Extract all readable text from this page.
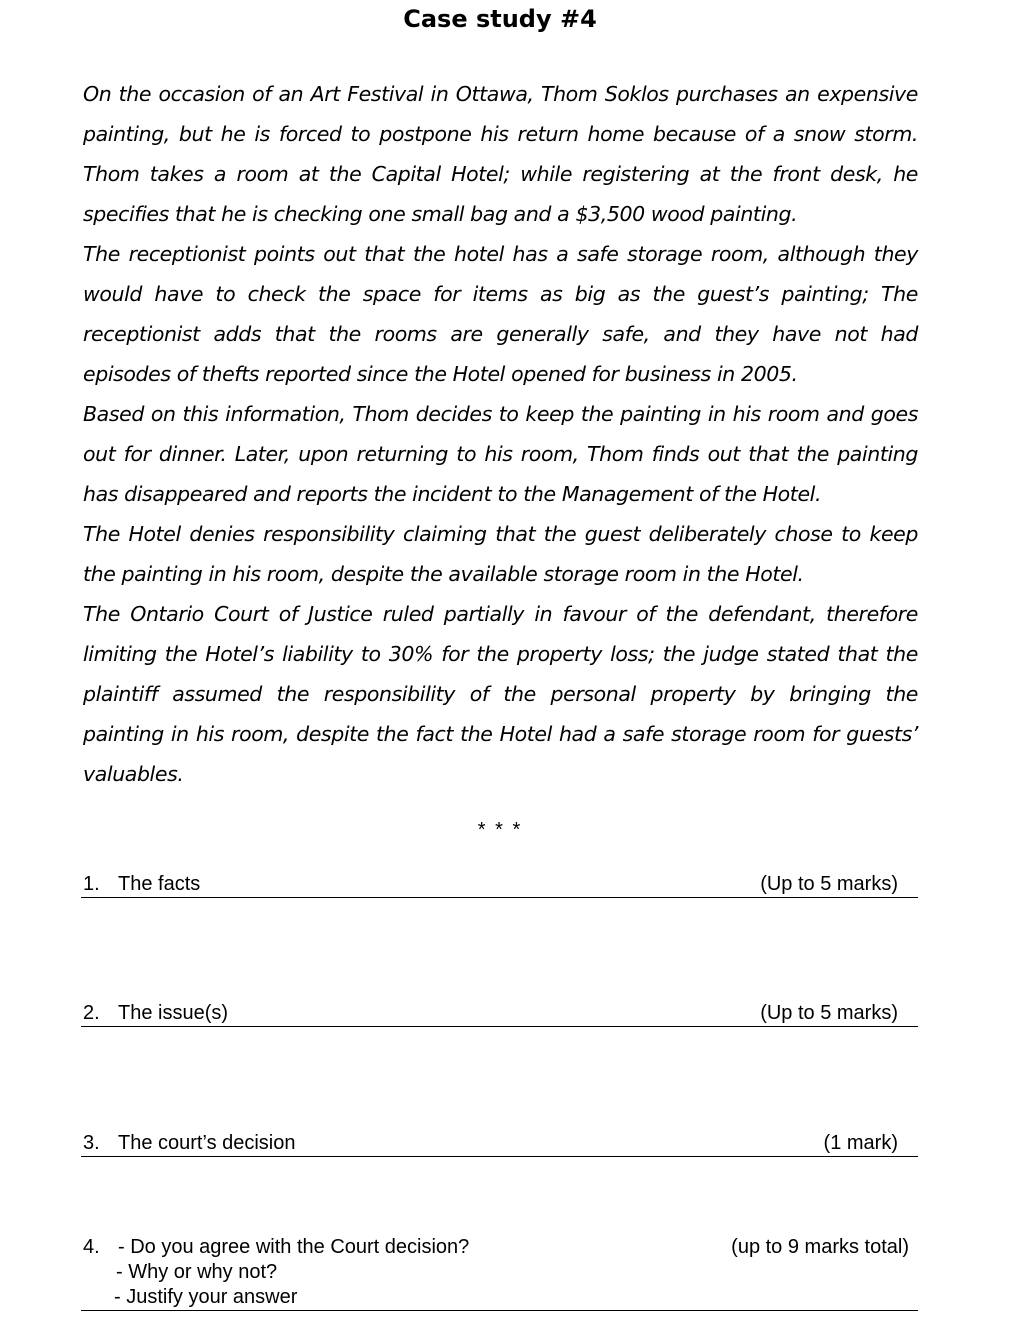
Case study #4

On the occasion of an Art Festival in Ottawa, Thom Soklos purchases an expensive painting, but he is forced to postpone his return home because of a snow storm. Thom takes a room at the Capital Hotel; while registering at the front desk, he specifies that he is checking one small bag and a $3,500 wood painting.

The receptionist points out that the hotel has a safe storage room, although they would have to check the space for items as big as the guest’s painting; The receptionist adds that the rooms are generally safe, and they have not had episodes of thefts reported since the Hotel opened for business in 2005.

Based on this information, Thom decides to keep the painting in his room and goes out for dinner. Later, upon returning to his room, Thom finds out that the painting has disappeared and reports the incident to the Management of the Hotel.

The Hotel denies responsibility claiming that the guest deliberately chose to keep the painting in his room, despite the available storage room in the Hotel.

The Ontario Court of Justice ruled partially in favour of the defendant, therefore limiting the Hotel’s liability to 30% for the property loss; the judge stated that the plaintiff assumed the responsibility of the personal property by bringing the painting in his room, despite the fact the Hotel had a safe storage room for guests’ valuables.

* * *
1. The facts	(Up to 5 marks)
2. The issue(s)	(Up to 5 marks)
3. The court’s decision	(1 mark)
4. - Do you agree with the Court decision?	(up to 9 marks total)
- Why or why not?
- Justify your answer
